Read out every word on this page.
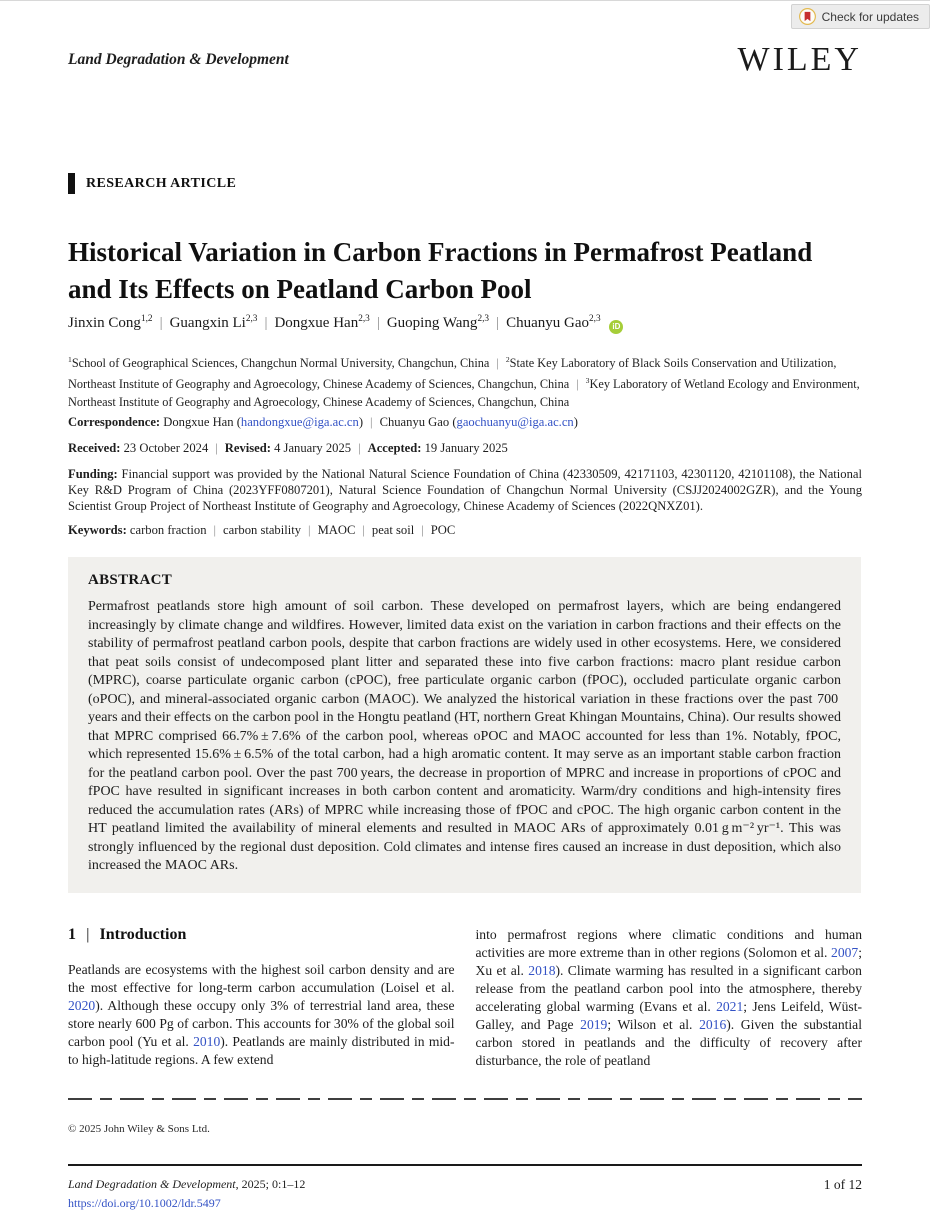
Check for updates
Land Degradation & Development	WILEY
RESEARCH ARTICLE
Historical Variation in Carbon Fractions in Permafrost Peatland and Its Effects on Peatland Carbon Pool
Jinxin Cong$^{1,2}$ | Guangxin Li$^{2,3}$ | Dongxue Han$^{2,3}$ | Guoping Wang$^{2,3}$ | Chuanyu Gao$^{2,3}$ iD
$^1$School of Geographical Sciences, Changchun Normal University, Changchun, China | $^2$State Key Laboratory of Black Soils Conservation and Utilization, Northeast Institute of Geography and Agroecology, Chinese Academy of Sciences, Changchun, China | $^3$Key Laboratory of Wetland Ecology and Environment, Northeast Institute of Geography and Agroecology, Chinese Academy of Sciences, Changchun, China
Correspondence: Dongxue Han (handongxue@iga.ac.cn) | Chuanyu Gao (gaochuanyu@iga.ac.cn)
Received: 23 October 2024 | Revised: 4 January 2025 | Accepted: 19 January 2025
Funding: Financial support was provided by the National Natural Science Foundation of China (42330509, 42171103, 42301120, 42101108), the National Key R&D Program of China (2023YFF0807201), Natural Science Foundation of Changchun Normal University (CSJJ2024002GZR), and the Young Scientist Group Project of Northeast Institute of Geography and Agroecology, Chinese Academy of Sciences (2022QNXZ01).
Keywords: carbon fraction | carbon stability | MAOC | peat soil | POC
ABSTRACT

Permafrost peatlands store high amount of soil carbon. These developed on permafrost layers, which are being endangered increasingly by climate change and wildfires. However, limited data exist on the variation in carbon fractions and their effects on the stability of permafrost peatland carbon pools, despite that carbon fractions are widely used in other ecosystems. Here, we considered that peat soils consist of undecomposed plant litter and separated these into five carbon fractions: macro plant residue carbon (MPRC), coarse particulate organic carbon (cPOC), free particulate organic carbon (fPOC), occluded particulate organic carbon (oPOC), and mineral-associated organic carbon (MAOC). We analyzed the historical variation in these fractions over the past 700 years and their effects on the carbon pool in the Hongtu peatland (HT, northern Great Khingan Mountains, China). Our results showed that MPRC comprised 66.7% ± 7.6% of the carbon pool, whereas oPOC and MAOC accounted for less than 1%. Notably, fPOC, which represented 15.6% ± 6.5% of the total carbon, had a high aromatic content. It may serve as an important stable carbon fraction for the peatland carbon pool. Over the past 700 years, the decrease in proportion of MPRC and increase in proportions of cPOC and fPOC have resulted in significant increases in both carbon content and aromaticity. Warm/dry conditions and high-intensity fires reduced the accumulation rates (ARs) of MPRC while increasing those of fPOC and cPOC. The high organic carbon content in the HT peatland limited the availability of mineral elements and resulted in MAOC ARs of approximately 0.01 g m⁻² yr⁻¹. This was strongly influenced by the regional dust deposition. Cold climates and intense fires caused an increase in dust deposition, which also increased the MAOC ARs.

1 | Introduction

Peatlands are ecosystems with the highest soil carbon density and are the most effective for long-term carbon accumulation (Loisel et al. 2020). Although these occupy only 3% of terrestrial land area, these store nearly 600 Pg of carbon. This accounts for 30% of the global soil carbon pool (Yu et al. 2010). Peatlands are mainly distributed in mid-to high-latitude regions. A few extend

into permafrost regions where climatic conditions and human activities are more extreme than in other regions (Solomon et al. 2007; Xu et al. 2018). Climate warming has resulted in a significant carbon release from the peatland carbon pool into the atmosphere, thereby accelerating global warming (Evans et al. 2021; Jens Leifeld, Wüst-Galley, and Page 2019; Wilson et al. 2016). Given the substantial carbon stored in peatlands and the difficulty of recovery after disturbance, the role of peatland

© 2025 John Wiley & Sons Ltd.
Land Degradation & Development, 2025; 0:1–12
https://doi.org/10.1002/ldr.5497
1 of 12
